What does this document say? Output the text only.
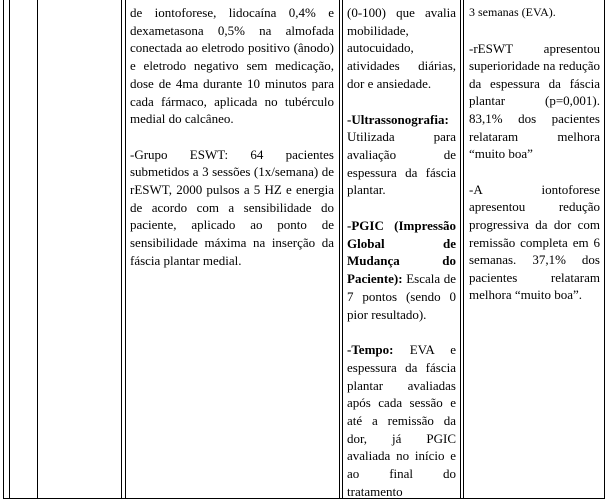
de iontoforese, lidocaína 0,4% e dexametasona 0,5% na almofada conectada ao eletrodo positivo (ânodo) e eletrodo negativo sem medicação, dose de 4ma durante 10 minutos para cada fármaco, aplicada no tubérculo medial do calcâneo.

-Grupo ESWT: 64 pacientes submetidos a 3 sessões (1x/semana) de rESWT, 2000 pulsos a 5 HZ e energia de acordo com a sensibilidade do paciente, aplicado ao ponto de sensibilidade máxima na inserção da fáscia plantar medial.

(0-100) que avalia mobilidade, autocuidado, atividades diárias, dor e ansiedade.

-Ultrassonografia: Utilizada para avaliação de espessura da fáscia plantar.

-PGIC (Impressão Global de Mudança do Paciente): Escala de 7 pontos (sendo 0 pior resultado).

-Tempo: EVA e espessura da fáscia plantar avaliadas após cada sessão e até a remissão da dor, já PGIC avaliada no início e ao final do tratamento

3 semanas (EVA).

-rESWT apresentou superioridade na redução da espessura da fáscia plantar (p=0,001). 83,1% dos pacientes relataram melhora “muito boa”

-A iontoforese apresentou redução progressiva da dor com remissão completa em 6 semanas. 37,1% dos pacientes relataram melhora “muito boa”.
